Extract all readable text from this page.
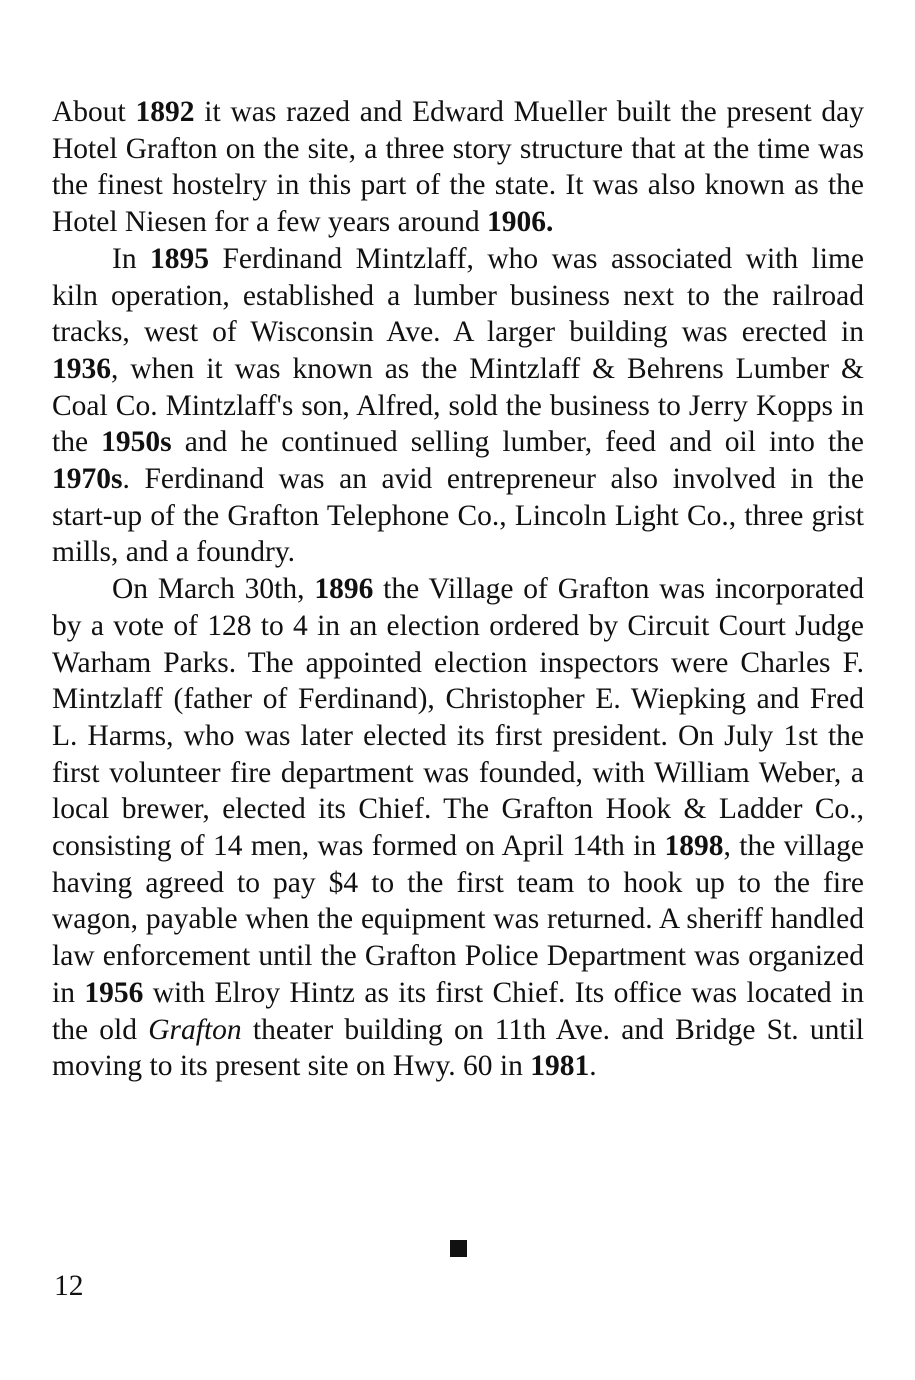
About 1892 it was razed and Edward Mueller built the present day Hotel Grafton on the site, a three story structure that at the time was the finest hostelry in this part of the state. It was also known as the Hotel Niesen for a few years around 1906.

In 1895 Ferdinand Mintzlaff, who was associated with lime kiln operation, established a lumber business next to the railroad tracks, west of Wisconsin Ave. A larger building was erected in 1936, when it was known as the Mintzlaff & Behrens Lumber & Coal Co. Mintzlaff's son, Alfred, sold the business to Jerry Kopps in the 1950s and he continued selling lumber, feed and oil into the 1970s. Ferdinand was an avid entrepreneur also involved in the start-up of the Grafton Telephone Co., Lincoln Light Co., three grist mills, and a foundry.

On March 30th, 1896 the Village of Grafton was incorporated by a vote of 128 to 4 in an election ordered by Circuit Court Judge Warham Parks. The appointed election inspectors were Charles F. Mintzlaff (father of Ferdinand), Christopher E. Wiepking and Fred L. Harms, who was later elected its first president. On July 1st the first volunteer fire department was founded, with William Weber, a local brewer, elected its Chief. The Grafton Hook & Ladder Co., consisting of 14 men, was formed on April 14th in 1898, the village having agreed to pay $4 to the first team to hook up to the fire wagon, payable when the equipment was returned. A sheriff handled law enforcement until the Grafton Police Department was organized in 1956 with Elroy Hintz as its first Chief. Its office was located in the old Grafton theater building on 11th Ave. and Bridge St. until moving to its present site on Hwy. 60 in 1981.

12
